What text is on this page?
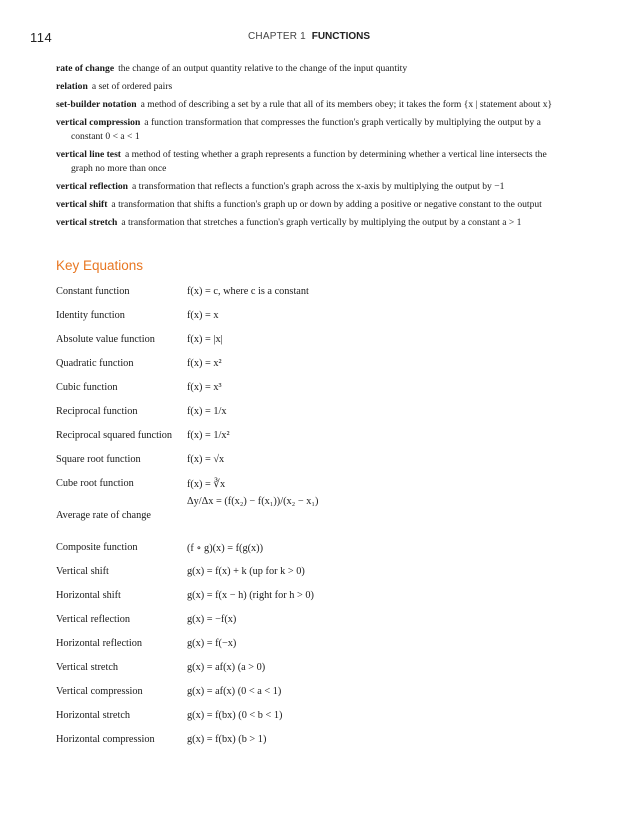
114	CHAPTER 1 FUNCTIONS

rate of change the change of an output quantity relative to the change of the input quantity

relation a set of ordered pairs

set-builder notation a method of describing a set by a rule that all of its members obey; it takes the form {x | statement about x}

vertical compression a function transformation that compresses the function's graph vertically by multiplying the output by a constant 0 < a < 1

vertical line test a method of testing whether a graph represents a function by determining whether a vertical line intersects the graph no more than once

vertical reflection a transformation that reflects a function's graph across the x-axis by multiplying the output by −1

vertical shift a transformation that shifts a function's graph up or down by adding a positive or negative constant to the output

vertical stretch a transformation that stretches a function's graph vertically by multiplying the output by a constant a > 1

Key Equations
Constant function	f(x) = c, where c is a constant
Identity function	f(x) = x
Absolute value function	f(x) = |x|
Quadratic function	f(x) = x²
Cubic function	f(x) = x³
Reciprocal function	f(x) = 1/x
Reciprocal squared function f(x) = 1/x²
Square root function	f(x) = √x
Cube root function	f(x) = ∛x
Average rate of change
Δy/Δx = (f(x₂) − f(x₁))/(x₂ − x₁)
Composite function	(f ∘ g)(x) = f(g(x))
Vertical shift	g(x) = f(x) + k (up for k > 0)
Horizontal shift	g(x) = f(x − h) (right for h > 0)
Vertical reflection	g(x) = −f(x)
Horizontal reflection	g(x) = f(−x)
Vertical stretch	g(x) = af(x) (a > 0)
Vertical compression	g(x) = af(x) (0 < a < 1)
Horizontal stretch	g(x) = f(bx) (0 < b < 1)
Horizontal compression	g(x) = f(bx) (b > 1)
